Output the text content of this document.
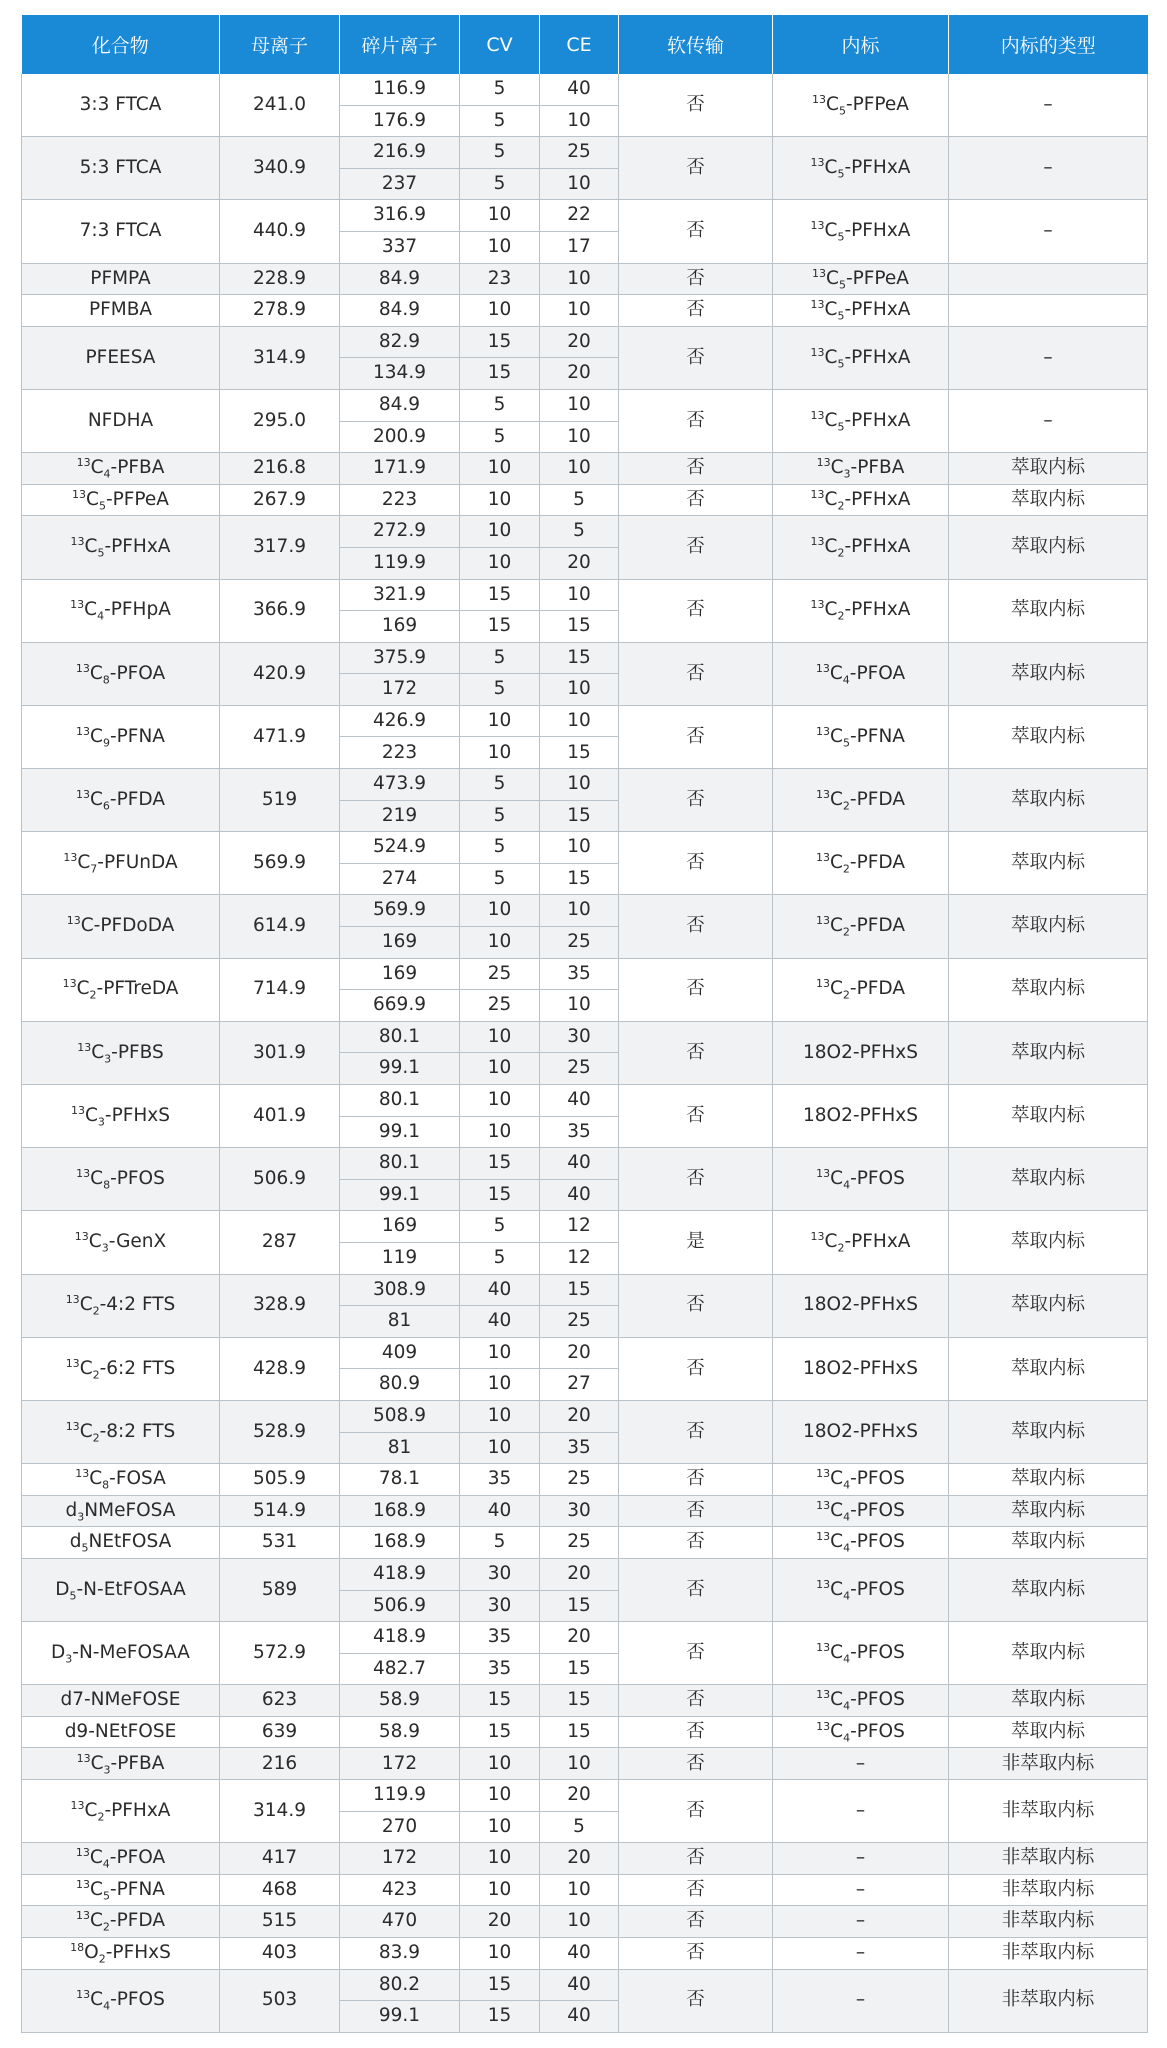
化合物	母离子	碎片离子	CV	CE	软传输	内标	内标的类型
3:3 FTCA	241.0	116.9	5	40	否	$^{13}C_5$-PFPeA	–
		176.9	5	10			
5:3 FTCA	340.9	216.9	5	25	否	$^{13}C_5$-PFHxA	–
		237	5	10			
7:3 FTCA	440.9	316.9	10	22	否	$^{13}C_5$-PFHxA	–
		337	10	17			
PFMPA	228.9	84.9	23	10	否	$^{13}C_5$-PFPeA	
PFMBA	278.9	84.9	10	10	否	$^{13}C_5$-PFHxA	
PFEESA	314.9	82.9	15	20	否	$^{13}C_5$-PFHxA	–
		134.9	15	20			
NFDHA	295.0	84.9	5	10	否	$^{13}C_5$-PFHxA	–
		200.9	5	10			
$^{13}C_4$-PFBA	216.8	171.9	10	10	否	$^{13}C_3$-PFBA	萃取内标
$^{13}C_5$-PFPeA	267.9	223	10	5	否	$^{13}C_2$-PFHxA	萃取内标
$^{13}C_5$-PFHxA	317.9	272.9	10	5	否	$^{13}C_2$-PFHxA	萃取内标
		119.9	10	20			
$^{13}C_4$-PFHpA	366.9	321.9	15	10	否	$^{13}C_2$-PFHxA	萃取内标
		169	15	15			
$^{13}C_8$-PFOA	420.9	375.9	5	15	否	$^{13}C_4$-PFOA	萃取内标
		172	5	10			
$^{13}C_9$-PFNA	471.9	426.9	10	10	否	$^{13}C_5$-PFNA	萃取内标
		223	10	15			
$^{13}C_6$-PFDA	519	473.9	5	10	否	$^{13}C_2$-PFDA	萃取内标
		219	5	15			
$^{13}C_7$-PFUnDA	569.9	524.9	5	10	否	$^{13}C_2$-PFDA	萃取内标
		274	5	15			
$^{13}$C-PFDoDA	614.9	569.9	10	10	否	$^{13}C_2$-PFDA	萃取内标
		169	10	25			
$^{13}C_2$-PFTreDA	714.9	169	25	35	否	$^{13}C_2$-PFDA	萃取内标
		669.9	25	10			
$^{13}C_3$-PFBS	301.9	80.1	10	30	否	18O2-PFHxS	萃取内标
		99.1	10	25			
$^{13}C_3$-PFHxS	401.9	80.1	10	40	否	18O2-PFHxS	萃取内标
		99.1	10	35			
$^{13}C_8$-PFOS	506.9	80.1	15	40	否	$^{13}C_4$-PFOS	萃取内标
		99.1	15	40			
$^{13}C_3$-GenX	287	169	5	12	是	$^{13}C_2$-PFHxA	萃取内标
		119	5	12			
$^{13}C_2-4:2$ FTS	328.9	308.9	40	15	否	18O2-PFHxS	萃取内标
		81	40	25			
$^{13}C_2-6:2$ FTS	428.9	409	10	20	否	18O2-PFHxS	萃取内标
		80.9	10	27			
$^{13}C_2-8:2$ FTS	528.9	508.9	10	20	否	18O2-PFHxS	萃取内标
		81	10	35			
$^{13}C_8$-FOSA	505.9	78.1	35	25	否	$^{13}C_4$-PFOS	萃取内标
$d_3NMeFOSA$	514.9	168.9	40	30	否	$^{13}C_4$-PFOS	萃取内标
$d_5NEtFOSA$	531	168.9	5	25	否	$^{13}C_4$-PFOS	萃取内标
$D_5-N$-EtFOSAA	589	418.9	30	20	否	$^{13}C_4$-PFOS	萃取内标
		506.9	30	15			
$D_3-N$-MeFOSAA	572.9	418.9	35	20	否	$^{13}C_4$-PFOS	萃取内标
		482.7	35	15			
d7-NMeFOSE	623	58.9	15	15	否	$^{13}C_4$-PFOS	萃取内标
d9-NEtFOSE	639	58.9	15	15	否	$^{13}C_4$-PFOS	萃取内标
$^{13}C_3$-PFBA	216	172	10	10	否	–	非萃取内标
$^{13}C_2$-PFHxA	314.9	119.9	10	20	否	–	非萃取内标
		270	10	5			
$^{13}C_4$-PFOA	417	172	10	20	否	–	非萃取内标
$^{13}C_5$-PFNA	468	423	10	10	否	–	非萃取内标
$^{13}C_2$-PFDA	515	470	20	10	否	–	非萃取内标
$^{18}O_2$-PFHxS	403	83.9	10	40	否	–	非萃取内标
$^{13}C_4$-PFOS	503	80.2	15	40	否	–	非萃取内标
		99.1	15	40			
